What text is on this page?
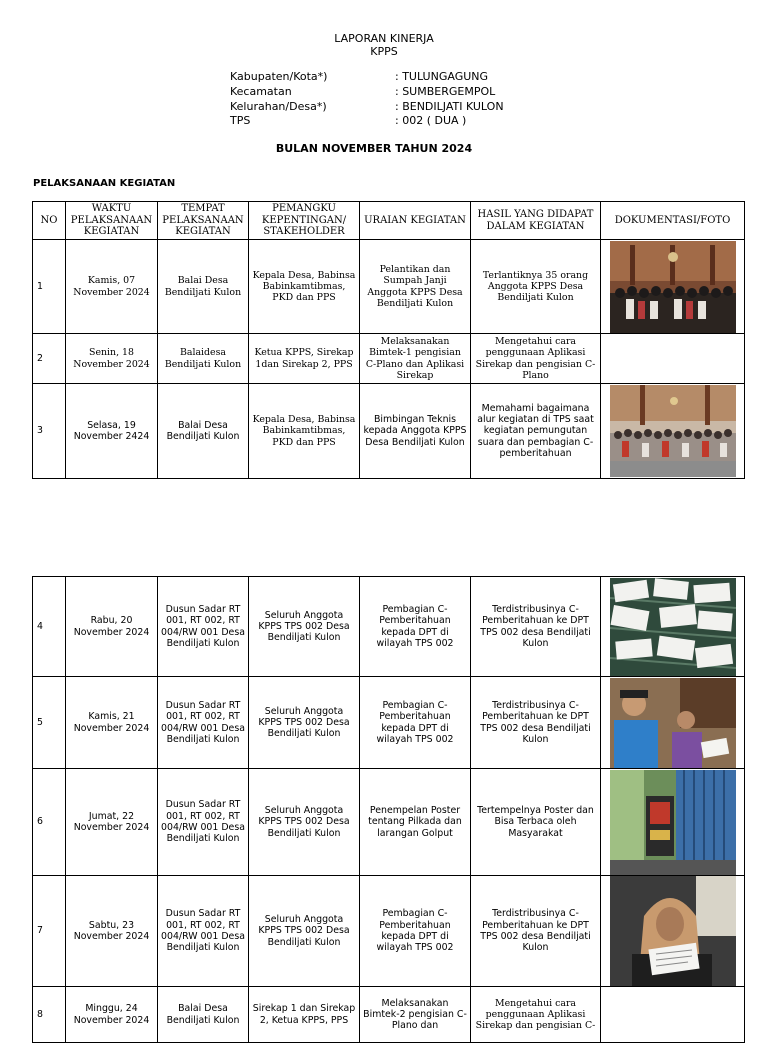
LAPORAN KINERJA
KPPS
Kabupaten/Kota*)	: TULUNGAGUNG
Kecamatan	: SUMBERGEMPOL
Kelurahan/Desa*)	: BENDILJATI KULON
TPS	: 002 ( DUA )
BULAN NOVEMBER TAHUN 2024
PELAKSANAAN KEGIATAN
NO	WAKTU PELAKSANAAN KEGIATAN	TEMPAT PELAKSANAAN KEGIATAN	PEMANGKU KEPENTINGAN/ STAKEHOLDER	URAIAN KEGIATAN	HASIL YANG DIDAPAT DALAM KEGIATAN	DOKUMENTASI/FOTO
1	Kamis, 07 November 2024	Balai Desa Bendiljati Kulon	Kepala Desa, Babinsa Babinkamtibmas, PKD dan PPS	Pelantikan dan Sumpah Janji Anggota KPPS Desa Bendiljati Kulon	Terlantiknya 35 orang Anggota KPPS Desa Bendiljati Kulon	

2	Senin, 18 November 2024	Balaidesa Bendiljati Kulon	Ketua KPPS, Sirekap 1dan Sirekap 2, PPS	Melaksanakan Bimtek-1 pengisian C-Plano dan Aplikasi Sirekap	Mengetahui cara penggunaan Aplikasi Sirekap dan pengisian C-Plano	
3	Selasa, 19 November 2424	Balai Desa Bendiljati Kulon	Kepala Desa, Babinsa Babinkamtibmas, PKD dan PPS	Bimbingan Teknis kepada Anggota KPPS Desa Bendiljati Kulon	Memahami bagaimana alur kegiatan di TPS saat kegiatan pemungutan suara dan pembagian C-pemberitahuan	
4	Rabu, 20 November 2024	Dusun Sadar RT 001, RT 002, RT 004/RW 001 Desa Bendiljati Kulon	Seluruh Anggota KPPS TPS 002 Desa Bendiljati Kulon	Pembagian C-Pemberitahuan kepada DPT di wilayah TPS 002	Terdistribusinya C-Pemberitahuan ke DPT TPS 002 desa Bendiljati Kulon	

5	Kamis, 21 November 2024	Dusun Sadar RT 001, RT 002, RT 004/RW 001 Desa Bendiljati Kulon	Seluruh Anggota KPPS TPS 002 Desa Bendiljati Kulon	Pembagian C-Pemberitahuan kepada DPT di wilayah TPS 002	Terdistribusinya C-Pemberitahuan ke DPT TPS 002 desa Bendiljati Kulon	

6	Jumat, 22 November 2024	Dusun Sadar RT 001, RT 002, RT 004/RW 001 Desa Bendiljati Kulon	Seluruh Anggota KPPS TPS 002 Desa Bendiljati Kulon	Penempelan Poster tentang Pilkada dan larangan Golput	Tertempelnya Poster dan Bisa Terbaca oleh Masyarakat	

7	Sabtu, 23 November 2024	Dusun Sadar RT 001, RT 002, RT 004/RW 001 Desa Bendiljati Kulon	Seluruh Anggota KPPS TPS 002 Desa Bendiljati Kulon	Pembagian C-Pemberitahuan kepada DPT di wilayah TPS 002	Terdistribusinya C-Pemberitahuan ke DPT TPS 002 desa Bendiljati Kulon	

8	Minggu, 24 November 2024	Balai Desa Bendiljati Kulon	Sirekap 1 dan Sirekap 2, Ketua KPPS, PPS	Melaksanakan Bimtek-2 pengisian C-Plano dan	Mengetahui cara penggunaan Aplikasi Sirekap dan pengisian C-	
